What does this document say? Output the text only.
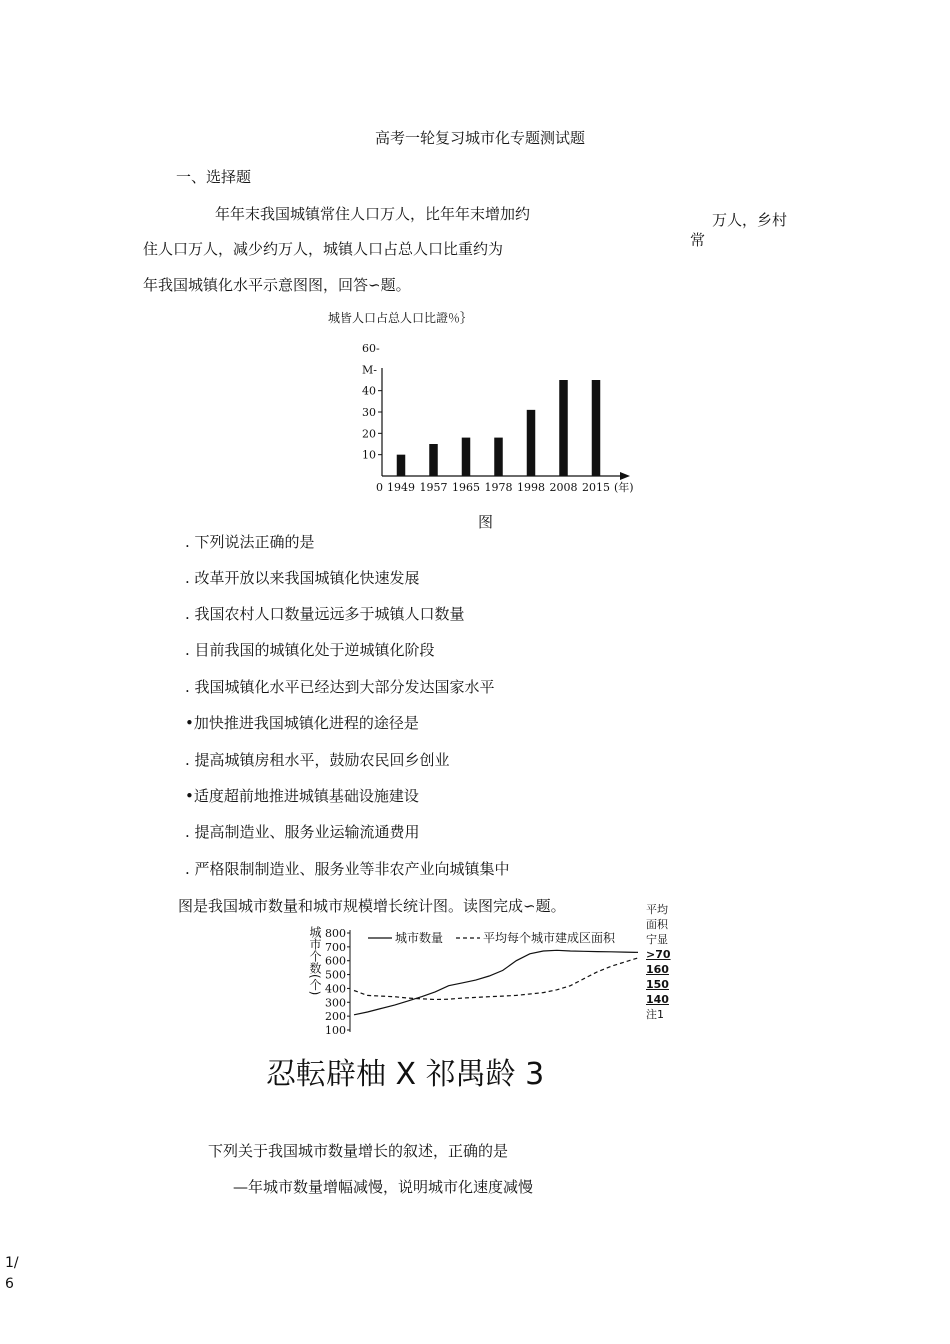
高考一轮复习城市化专题测试题
一、选择题
年年末我国城镇常住人口万人，比年年末增加约	万人，乡村
常
住人口万人，减少约万人，城镇人口占总人口比重约为
年我国城镇化水平示意图图，回答∽题。
城皆人口占总人口比證％｝
60-
M-
40
30
20
10
1949 1957 1965 1978 1998 2008 2015
0	(年)
图
. 下列说法正确的是
. 改革开放以来我国城镇化快速发展
. 我国农村人口数量远远多于城镇人口数量
. 目前我国的城镇化处于逆城镇化阶段
. 我国城镇化水平已经达到大部分发达国家水平
•加快推进我国城镇化进程的途径是
. 提高城镇房租水平，鼓励农民回乡创业
•适度超前地推进城镇基础设施建设
. 提高制造业、服务业运输流通费用
. 严格限制制造业、服务业等非农产业向城镇集中
图是我国城市数量和城市规模增长统计图。读图完成∽题。
城市个数(个) 800
700
600
500
400
300
200
100
城市数量	平均每个城市建成区面积
平均
面积
宁显
>70
160
150
140
注1
忍転辟柚 X 祁禺龄 3
下列关于我国城市数量增长的叙述，正确的是
—年城市数量增幅减慢，说明城市化速度减慢
1/
6
